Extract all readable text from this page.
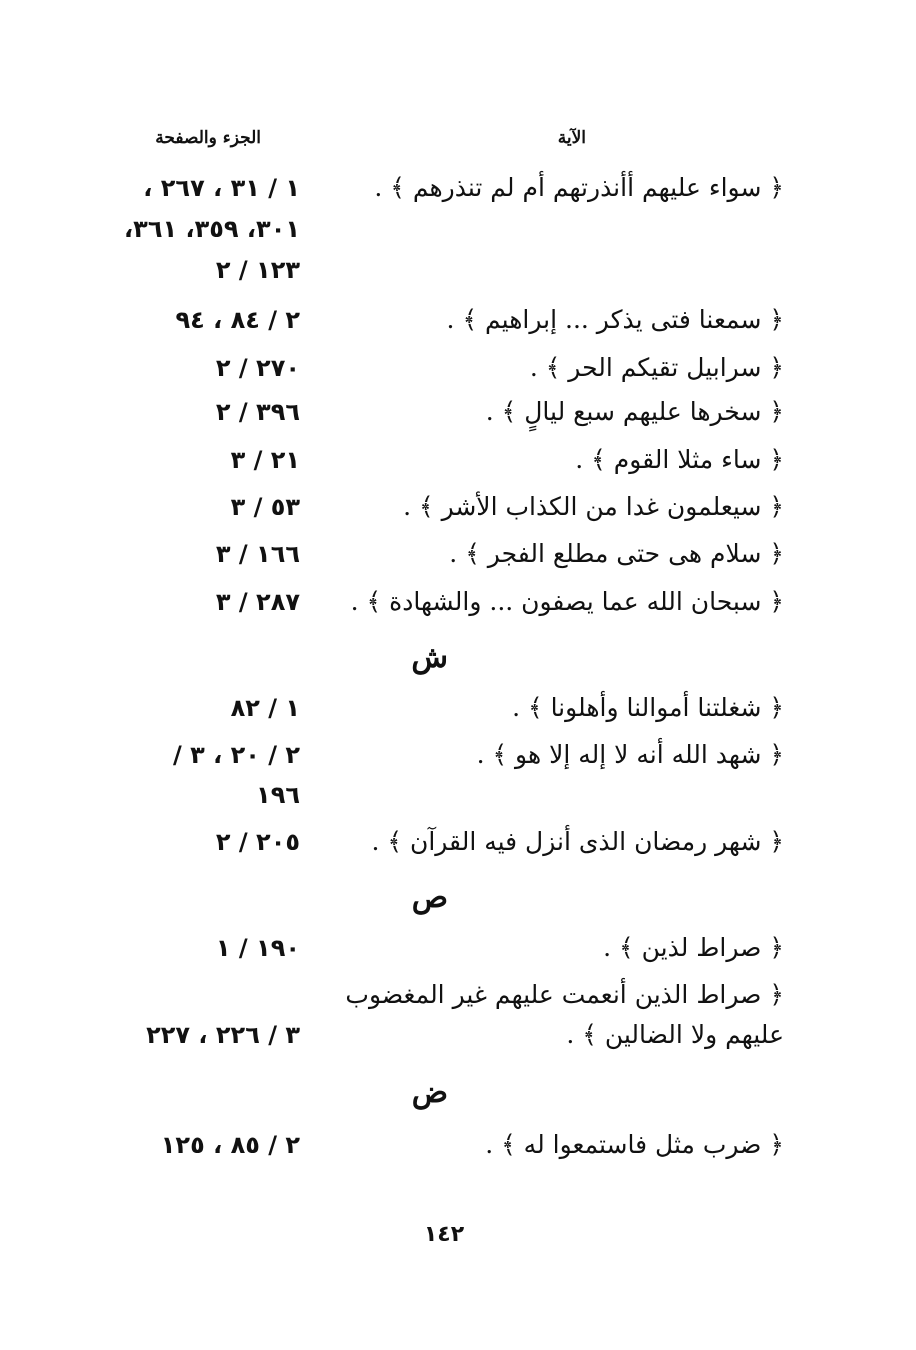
الآية
الجزء والصفحة
﴿ سواء عليهم أأنذرتهم أم لم تنذرهم ﴾ .
١ / ٣١ ، ٢٦٧ ،
٣٠١، ٣٥٩، ٣٦١،
١٢٣ / ٢
﴿ سمعنا فتى يذكر ... إبراهيم ﴾ .
٢ / ٨٤ ، ٩٤
﴿ سرابيل تقيكم الحر ﴾ .
٢٧٠ / ٢
﴿ سخرها عليهم سبع ليالٍ ﴾ .
٣٩٦ / ٢
﴿ ساء مثلا القوم ﴾ .
٢١ / ٣
﴿ سيعلمون غدا من الكذاب الأشر ﴾ .
٥٣ / ٣
﴿ سلام هى حتى مطلع الفجر ﴾ .
١٦٦ / ٣
﴿ سبحان الله عما يصفون ... والشهادة ﴾ .
٢٨٧ / ٣
ش
﴿ شغلتنا أموالنا وأهلونا ﴾ .
١ / ٨٢
﴿ شهد الله أنه لا إله إلا هو ﴾ .
٢ / ٢٠ ، ٣ /
١٩٦
﴿ شهر رمضان الذى أنزل فيه القرآن ﴾ .
٢٠٥ / ٢
ص
﴿ صراط لذين ﴾ .
١٩٠ / ١
﴿ صراط الذين أنعمت عليهم غير المغضوب
عليهم ولا الضالين ﴾ .
٣ / ٢٢٦ ، ٢٢٧
ض
﴿ ضرب مثل فاستمعوا له ﴾ .
٢ / ٨٥ ، ١٢٥
١٤٢
